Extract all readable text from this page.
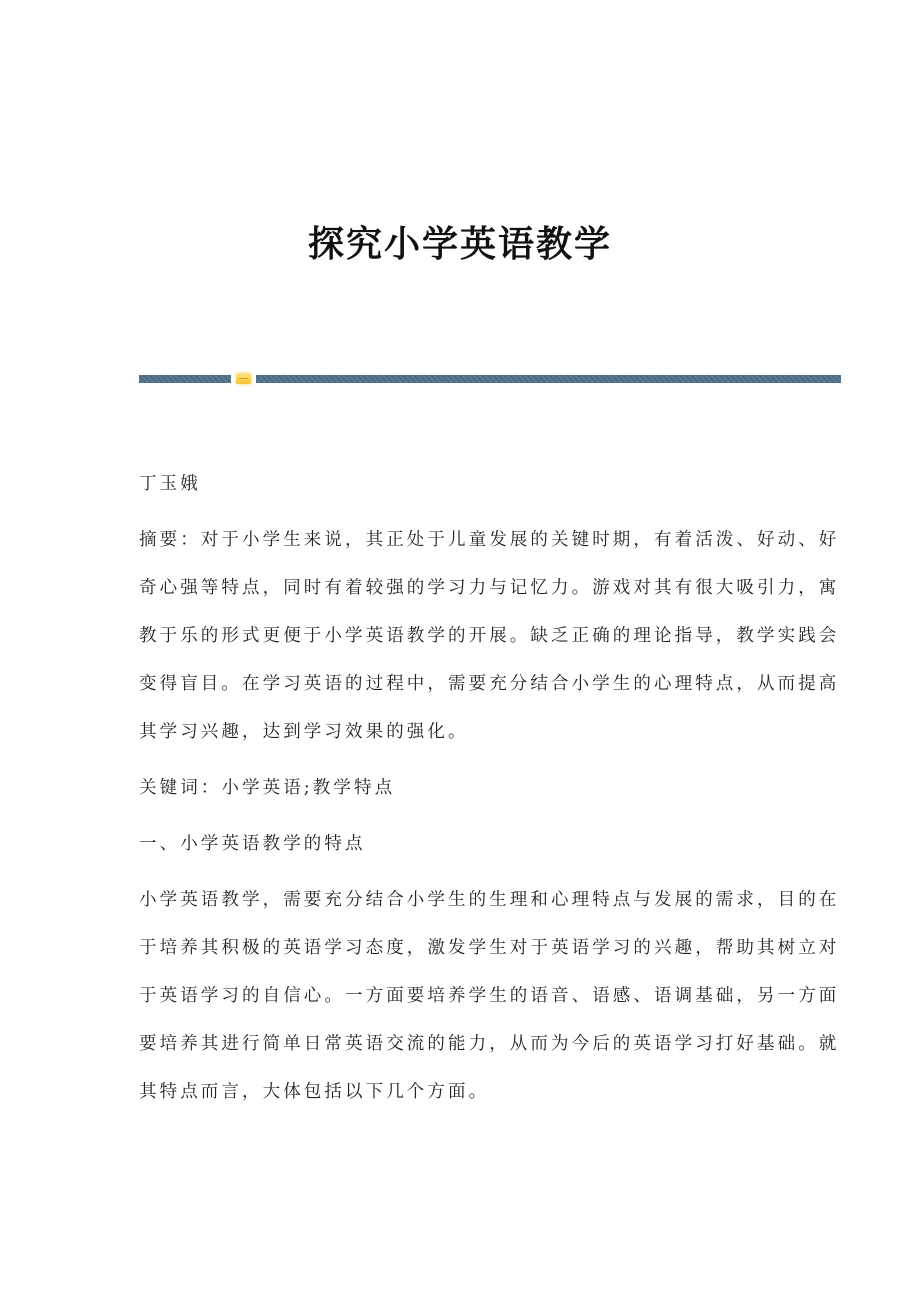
探究小学英语教学
丁玉娥
摘要：对于小学生来说，其正处于儿童发展的关键时期，有着活泼、好动、好
奇心强等特点，同时有着较强的学习力与记忆力。游戏对其有很大吸引力，寓
教于乐的形式更便于小学英语教学的开展。缺乏正确的理论指导，教学实践会
变得盲目。在学习英语的过程中，需要充分结合小学生的心理特点，从而提高
其学习兴趣，达到学习效果的强化。
关键词：小学英语;教学特点
一、小学英语教学的特点
小学英语教学，需要充分结合小学生的生理和心理特点与发展的需求，目的在
于培养其积极的英语学习态度，激发学生对于英语学习的兴趣，帮助其树立对
于英语学习的自信心。一方面要培养学生的语音、语感、语调基础，另一方面
要培养其进行简单日常英语交流的能力，从而为今后的英语学习打好基础。就
其特点而言，大体包括以下几个方面。
